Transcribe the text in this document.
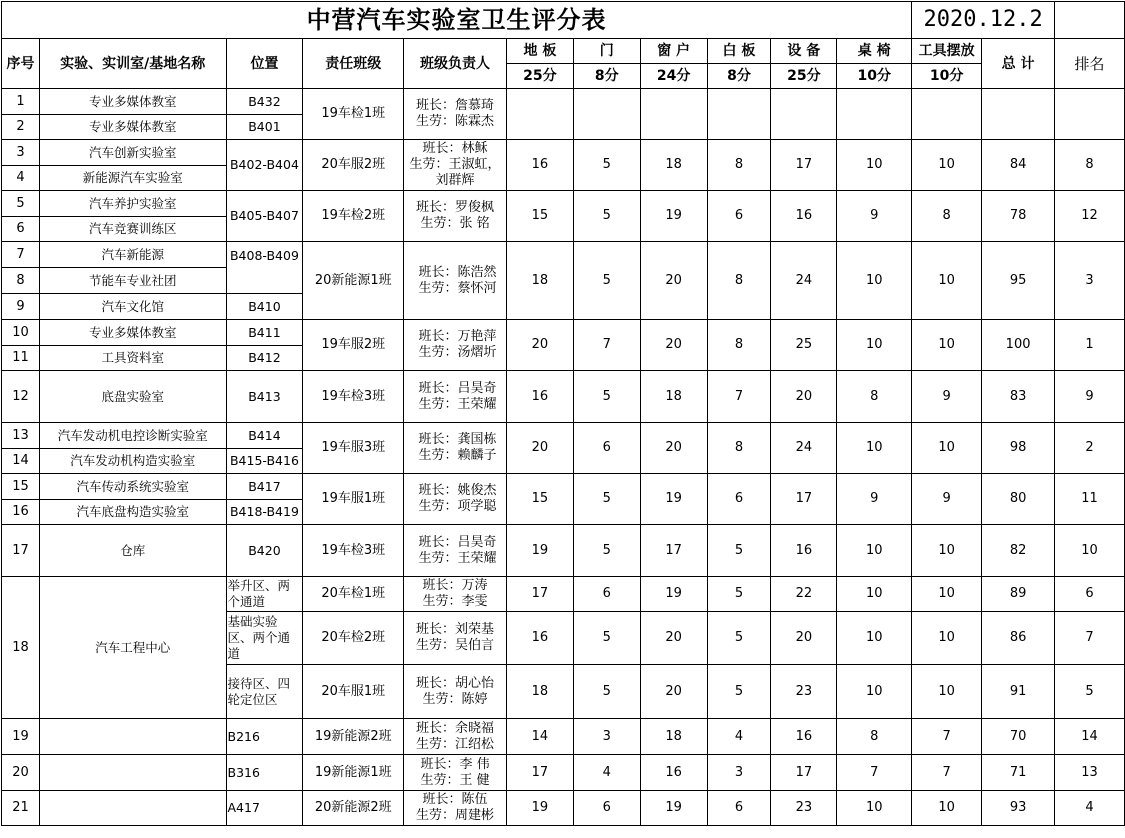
中营汽车实验室卫生评分表											2020.12.2		
序号	实验、实训室/基地名称	位置	责任班级	班级负责人	地 板	门	窗 户	白 板	设 备	桌 椅	工具摆放	总 计	排名
					25分	8分	24分	8分	25分	10分	10分		
1	专业多媒体教室	B432	19车检1班	班长：詹慕琦
生劳：陈霖杰									
2	专业多媒体教室	B401											
3	汽车创新实验室	B402-B404	20车服2班	班长：林稣
生劳：王淑虹，刘群辉	16	5	18	8	17	10	10	84	8
4	新能源汽车实验室												
5	汽车养护实验室	B405-B407	19车检2班	班长：罗俊枫
生劳：张 铭	15	5	19	6	16	9	8	78	12
6	汽车竞赛训练区												
7	汽车新能源	B408-B409	20新能源1班	班长：陈浩然
生劳：蔡怀河	18	5	20	8	24	10	10	95	3
8	节能车专业社团												
9	汽车文化馆	B410											
10	专业多媒体教室	B411	19车服2班	班长：万艳萍
生劳：汤熠圻	20	7	20	8	25	10	10	100	1
11	工具资料室	B412											
12	底盘实验室	B413	19车检3班	班长：吕昊奇
生劳：王荣耀	16	5	18	7	20	8	9	83	9
13	汽车发动机电控诊断实验室	B414	19车服3班	班长：龚国栋
生劳：赖麟子	20	6	20	8	24	10	10	98	2
14	汽车发动机构造实验室	B415-B416											
15	汽车传动系统实验室	B417	19车服1班	班长：姚俊杰
生劳：项学聪	15	5	19	6	17	9	9	80	11
16	汽车底盘构造实验室	B418-B419											
17	仓库	B420	19车检3班	班长：吕昊奇
生劳：王荣耀	19	5	17	5	16	10	10	82	10
18	汽车工程中心	举升区、两个通道	20车检1班	班长：万涛
生劳：李雯	17	6	19	5	22	10	10	89	6
		基础实验区、两个通道	20车检2班	班长：刘荣基
生劳：吴伯言	16	5	20	5	20	10	10	86	7
		接待区、四轮定位区	20车服1班	班长：胡心怡
生劳：陈婷	18	5	20	5	23	10	10	91	5
19		B216	19新能源2班	班长：余晓福
生劳：江绍松	14	3	18	4	16	8	7	70	14
20		B316	19新能源1班	班长：李 伟
生劳：王 健	17	4	16	3	17	7	7	71	13
21		A417	20新能源2班	班长：陈伍
生劳：周建彬	19	6	19	6	23	10	10	93	4
